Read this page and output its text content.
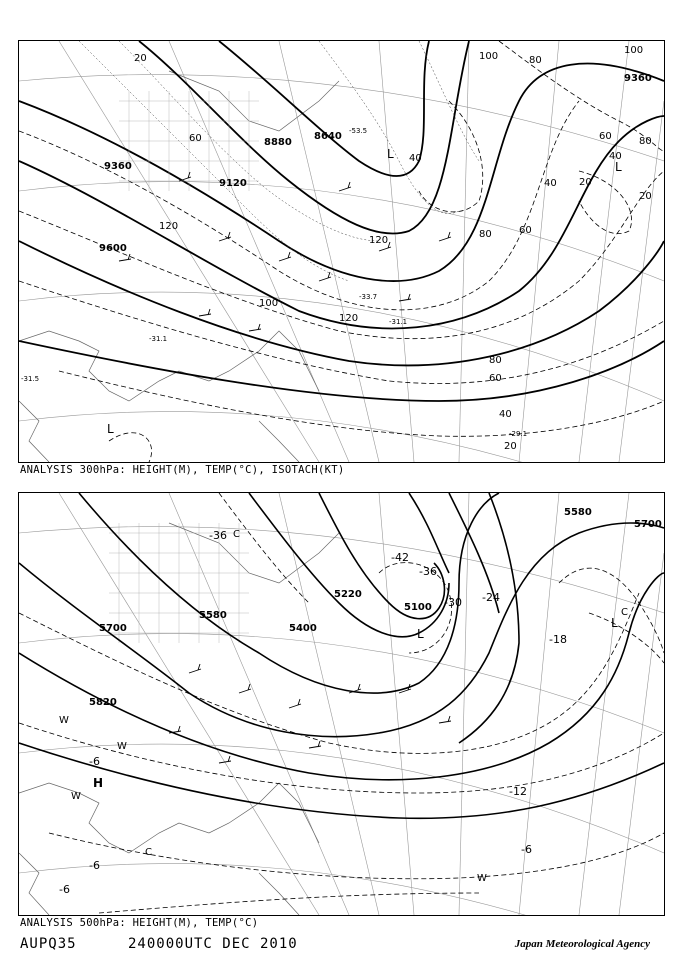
9360
9600
9120
8880
8640
9360
20
60
120
100
120
80
60
40
20
40
80	60
40 20
100	80
100
60	80
40
20
120
L
L
L
-31.5
-31.1
-33.7
-31.1
-29.1
-53.5
ANALYSIS 300hPa: HEIGHT(M), TEMP(°C), ISOTACH(KT)
5700
5580
5400
5220
5100
5580
5700
5820
-36
-42
-36
-30 -24
-18
-12
-6
-6
-6
-6
L
L
H
W
W
W
C
C
C
W
ANALYSIS 500hPa: HEIGHT(M), TEMP(°C)
AUPQ35	240000UTC DEC 2010	Japan Meteorological Agency
